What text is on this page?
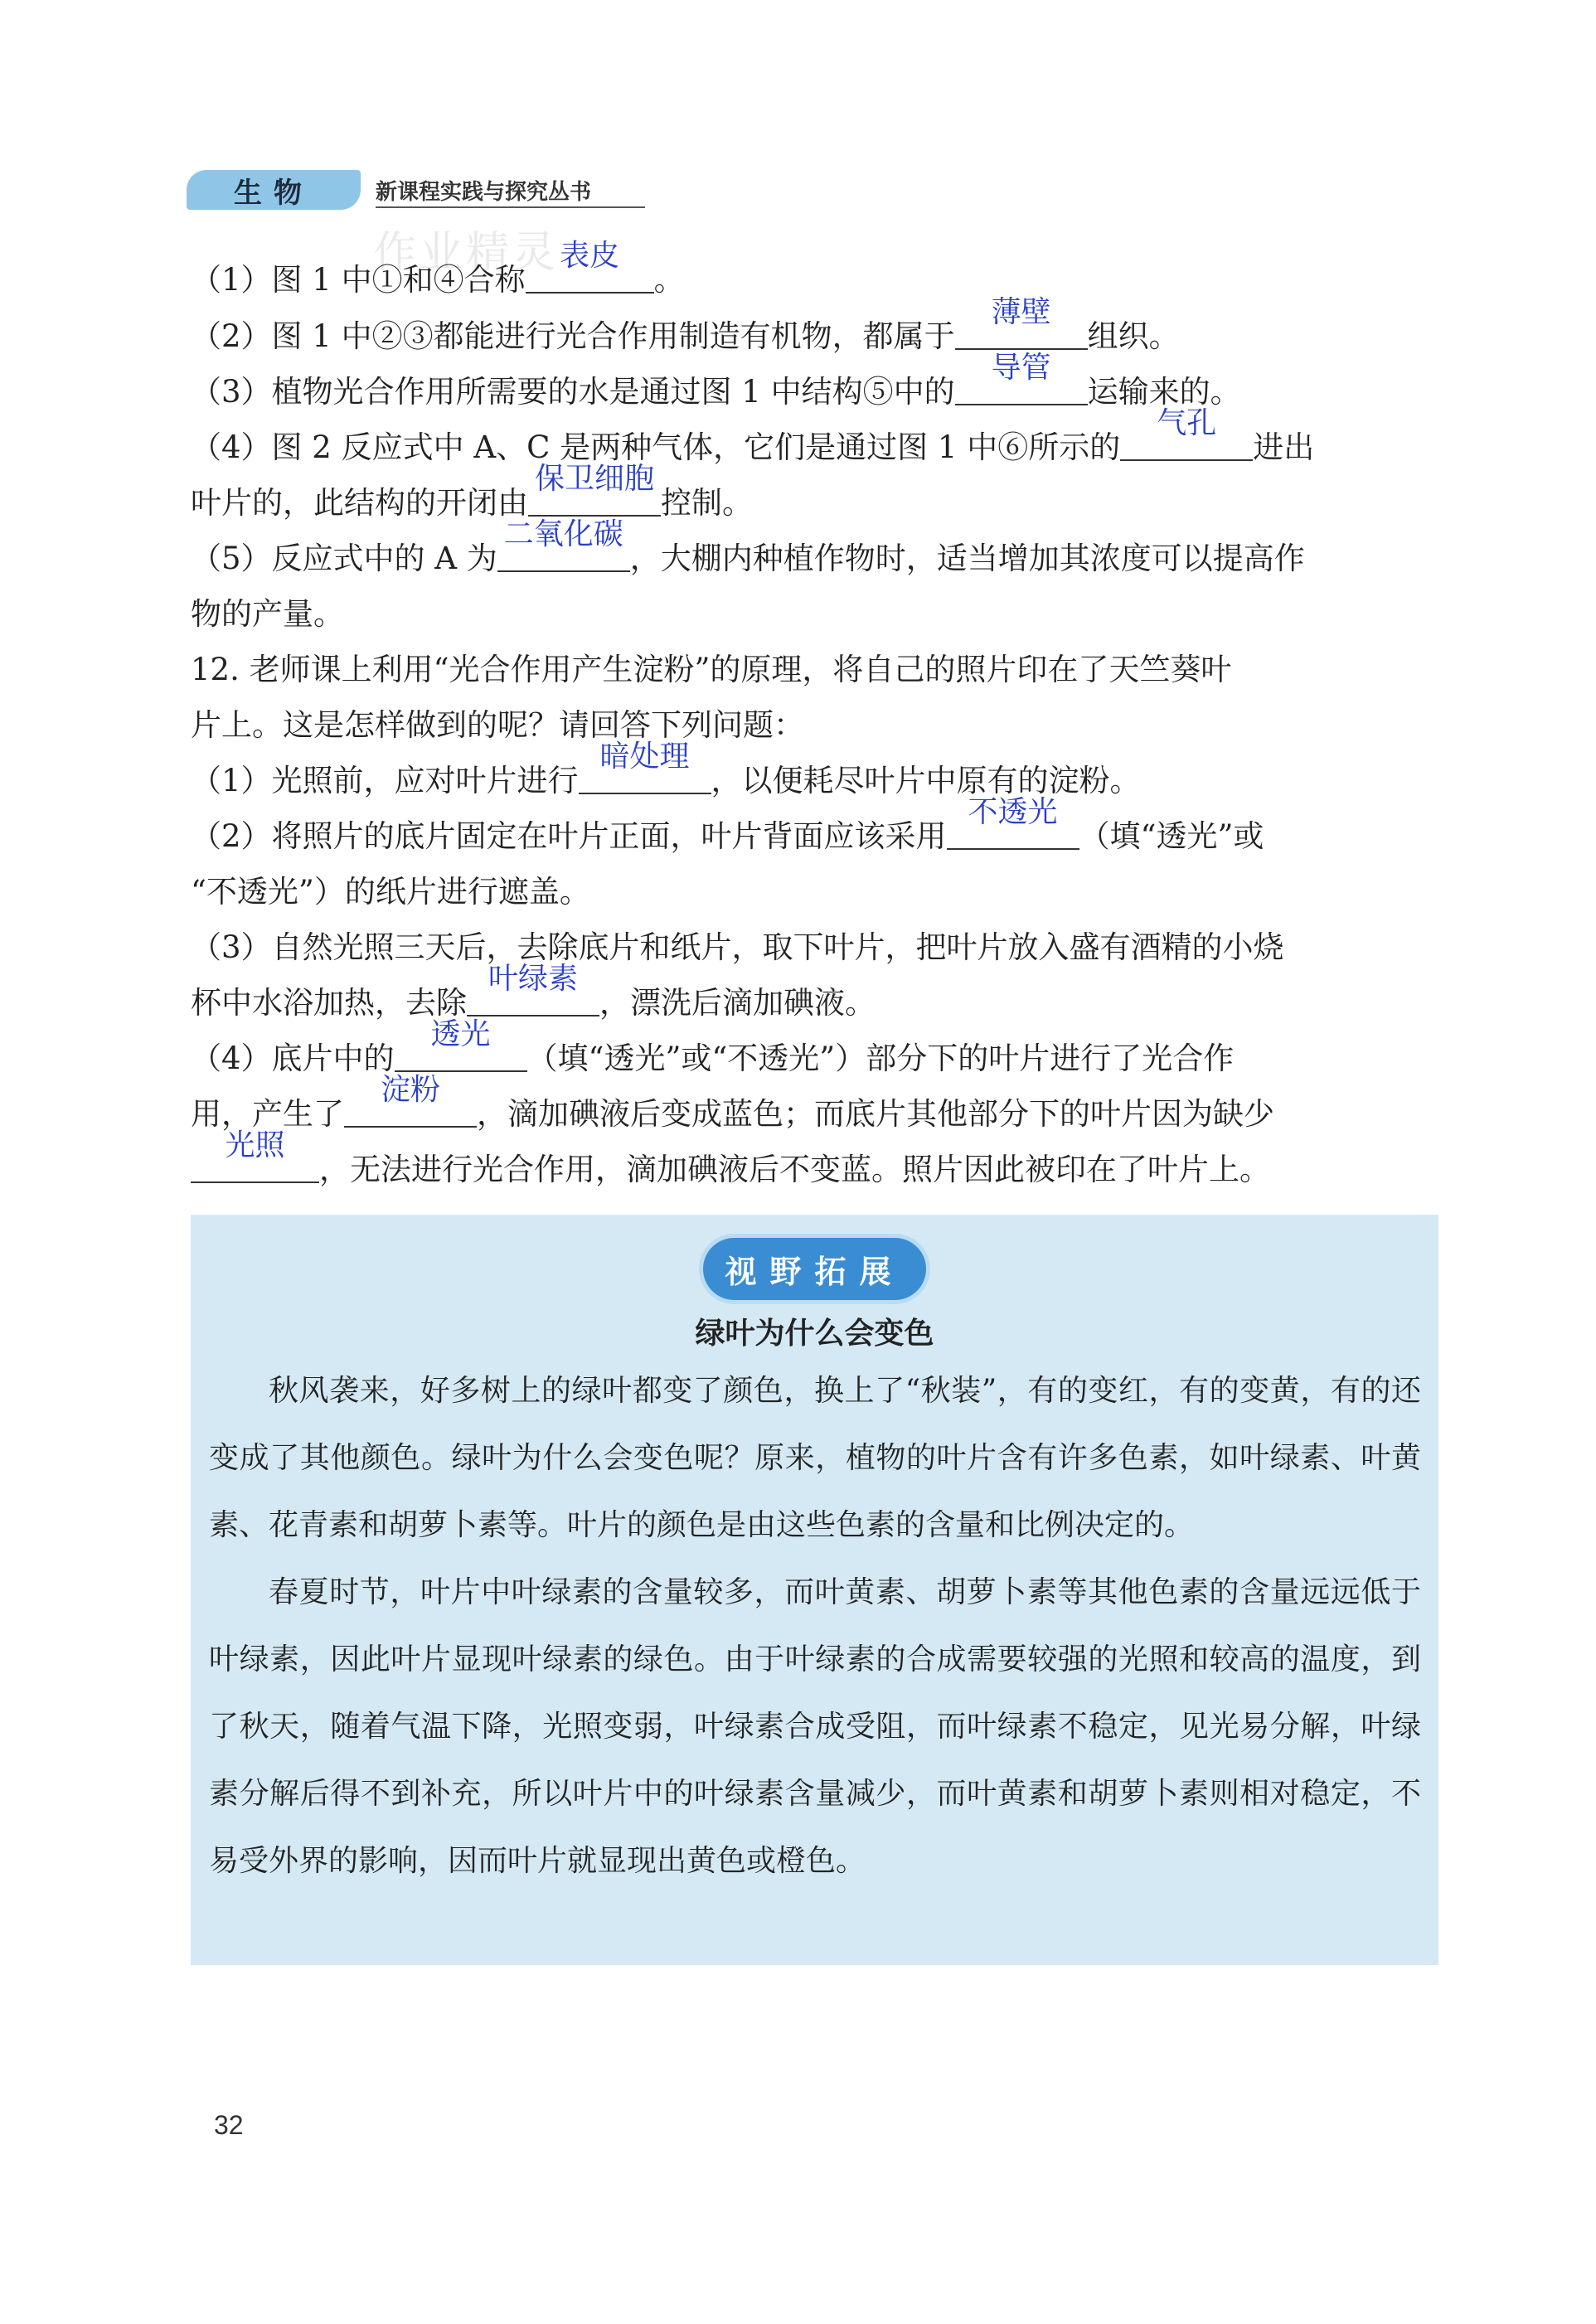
生物	新课程实践与探究丛书
作业精灵
（1）图 1 中①和④合称
表皮
。
（2）图 1 中②③都能进行光合作用制造有机物，都属于
薄壁
组织。
（3）植物光合作用所需要的水是通过图 1 中结构⑤中的
导管
运输来的。
（4）图 2 反应式中 A、C 是两种气体，它们是通过图 1 中⑥所示的
气孔
进出
叶片的，此结构的开闭由
保卫细胞
控制。
（5）反应式中的 A 为
二氧化碳
，大棚内种植作物时，适当增加其浓度可以提高作
物的产量。
12. 老师课上利用“光合作用产生淀粉”的原理，将自己的照片印在了天竺葵叶
片上。这是怎样做到的呢？请回答下列问题：
（1）光照前，应对叶片进行
暗处理
，以便耗尽叶片中原有的淀粉。
（2）将照片的底片固定在叶片正面，叶片背面应该采用
不透光
（填“透光”或
“不透光”）的纸片进行遮盖。
（3）自然光照三天后，去除底片和纸片，取下叶片，把叶片放入盛有酒精的小烧
杯中水浴加热，去除
叶绿素
，漂洗后滴加碘液。
（4）底片中的
透光
（填“透光”或“不透光”）部分下的叶片进行了光合作
用，产生了
淀粉
，滴加碘液后变成蓝色；而底片其他部分下的叶片因为缺少
光照
，无法进行光合作用，滴加碘液后不变蓝。照片因此被印在了叶片上。
视野拓展
绿叶为什么会变色

秋风袭来，好多树上的绿叶都变了颜色，换上了“秋装”，有的变红，有的变黄，有的还变成了其他颜色。绿叶为什么会变色呢？原来，植物的叶片含有许多色素，如叶绿素、叶黄素、花青素和胡萝卜素等。叶片的颜色是由这些色素的含量和比例决定的。

春夏时节，叶片中叶绿素的含量较多，而叶黄素、胡萝卜素等其他色素的含量远远低于叶绿素，因此叶片显现叶绿素的绿色。由于叶绿素的合成需要较强的光照和较高的温度，到了秋天，随着气温下降，光照变弱，叶绿素合成受阻，而叶绿素不稳定，见光易分解，叶绿素分解后得不到补充，所以叶片中的叶绿素含量减少，而叶黄素和胡萝卜素则相对稳定，不易受外界的影响，因而叶片就显现出黄色或橙色。

32
